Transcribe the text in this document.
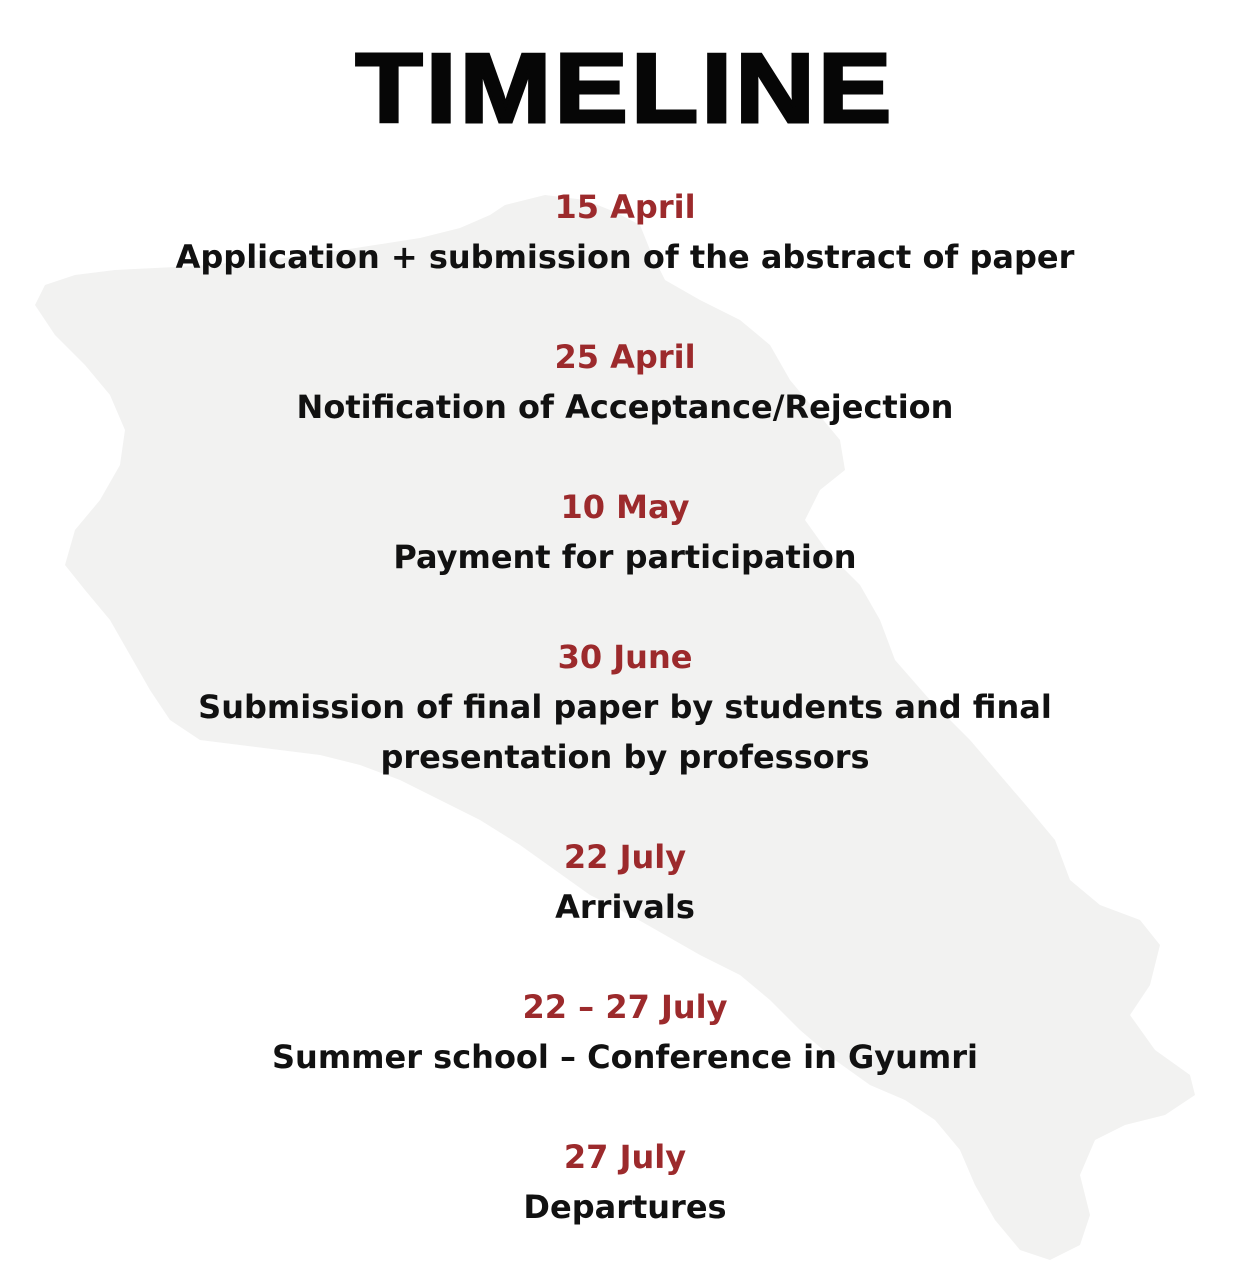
TIMELINE
15 April
Application + submission of the abstract of paper
25 April
Notification of Acceptance/Rejection
10 May
Payment for participation
30 June
Submission of final paper by students and final presentation by professors
22 July
Arrivals
22 – 27 July
Summer school – Conference in Gyumri
27 July
Departures
